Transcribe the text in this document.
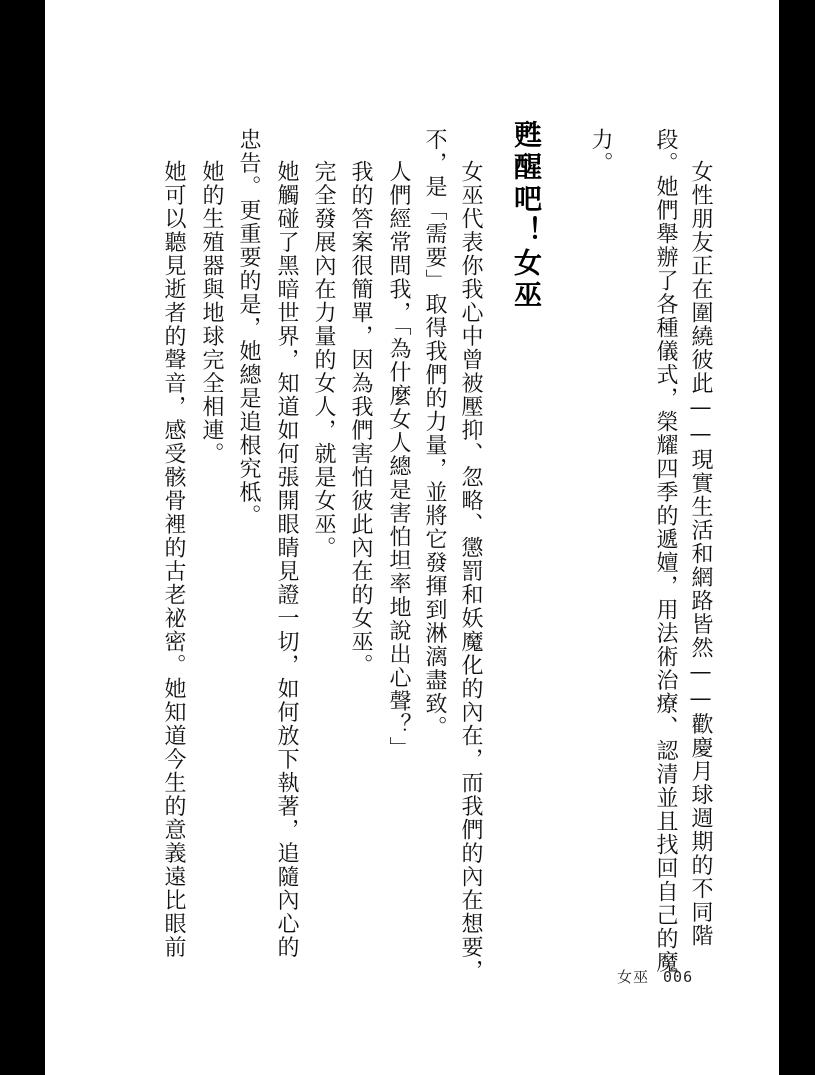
女性朋友正在圍繞彼此——現實生活和網路皆然——歡慶月球週期的不同階
段。她們舉辦了各種儀式，榮耀四季的遞嬗，用法術治療、認清並且找回自己的魔
力。
甦醒吧！女巫
女巫代表你我心中曾被壓抑、忽略、懲罰和妖魔化的內在，而我們的內在想要，
不，是「需要」取得我們的力量，並將它發揮到淋漓盡致。
人們經常問我，「為什麼女人總是害怕坦率地說出心聲？」
我的答案很簡單，因為我們害怕彼此內在的女巫。
完全發展內在力量的女人，就是女巫。
她觸碰了黑暗世界，知道如何張開眼睛見證一切，如何放下執著，追隨內心的
忠告。更重要的是，她總是追根究柢。
她的生殖器與地球完全相連。
她可以聽見逝者的聲音，感受骸骨裡的古老祕密。她知道今生的意義遠比眼前
女巫 006
